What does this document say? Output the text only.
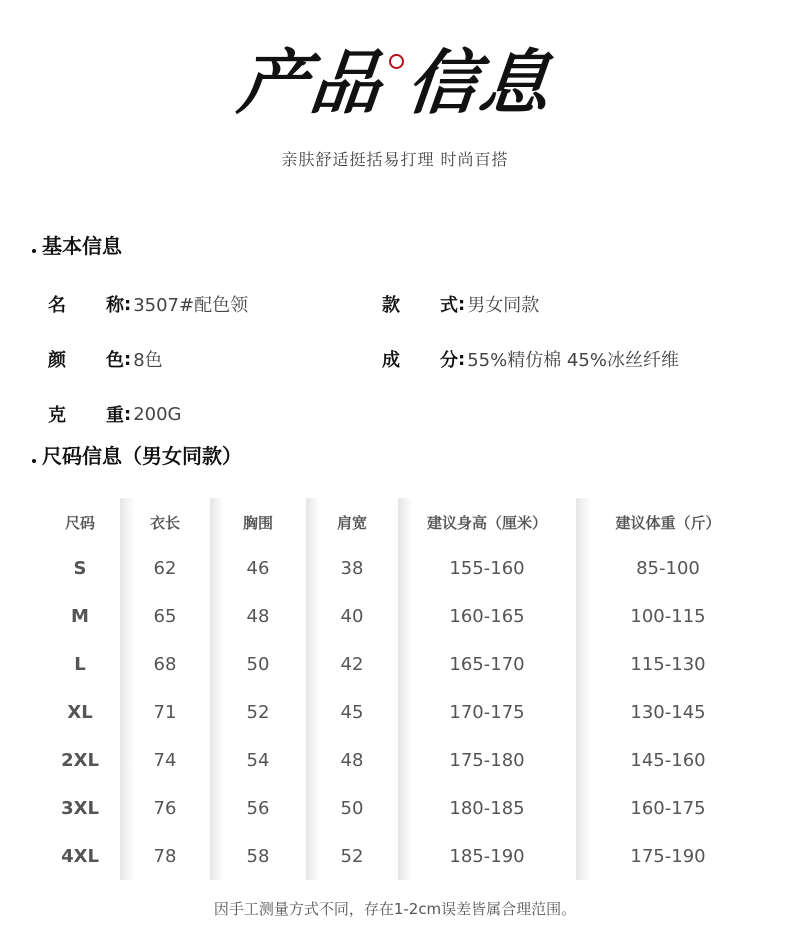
产品 信息
亲肤舒适挺括易打理 时尚百搭
基本信息
名 称 : 3507#配色领	款 式 : 男女同款
颜 色 : 8色	成 分 : 55%精仿棉 45%冰丝纤维
克 重 : 200G
尺码信息（男女同款）
尺码
S
M
L
XL
2XL
3XL
4XL
衣长
62
65
68
71
74
76
78
胸围
46
48
50
52
54
56
58
肩宽
38
40
42
45
48
50
52
建议身高（厘米）
155-160
160-165
165-170
170-175
175-180
180-185
185-190
建议体重（斤）
85-100
100-115
115-130
130-145
145-160
160-175
175-190
因手工测量方式不同，存在1-2cm误差皆属合理范围。
